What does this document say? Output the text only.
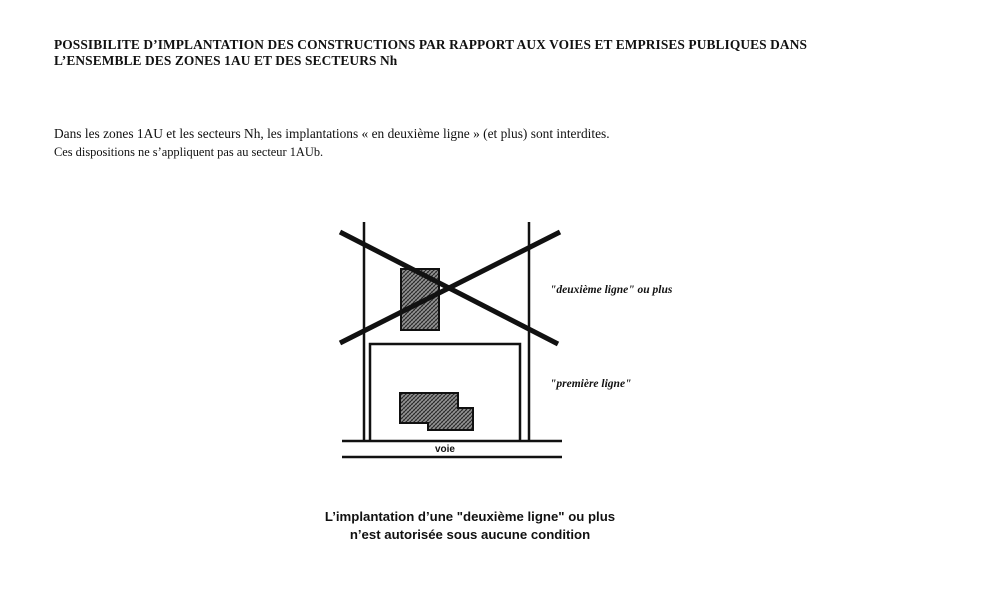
POSSIBILITE D’IMPLANTATION DES CONSTRUCTIONS PAR RAPPORT AUX VOIES ET EMPRISES PUBLIQUES DANS
L’ENSEMBLE DES ZONES 1AU ET DES SECTEURS Nh
Dans les zones 1AU et les secteurs Nh, les implantations « en deuxième ligne » (et plus) sont interdites.
Ces dispositions ne s’appliquent pas au secteur 1AUb.
voie
"deuxième ligne" ou plus
"première ligne"
L’implantation d’une "deuxième ligne" ou plus
n’est autorisée sous aucune condition
